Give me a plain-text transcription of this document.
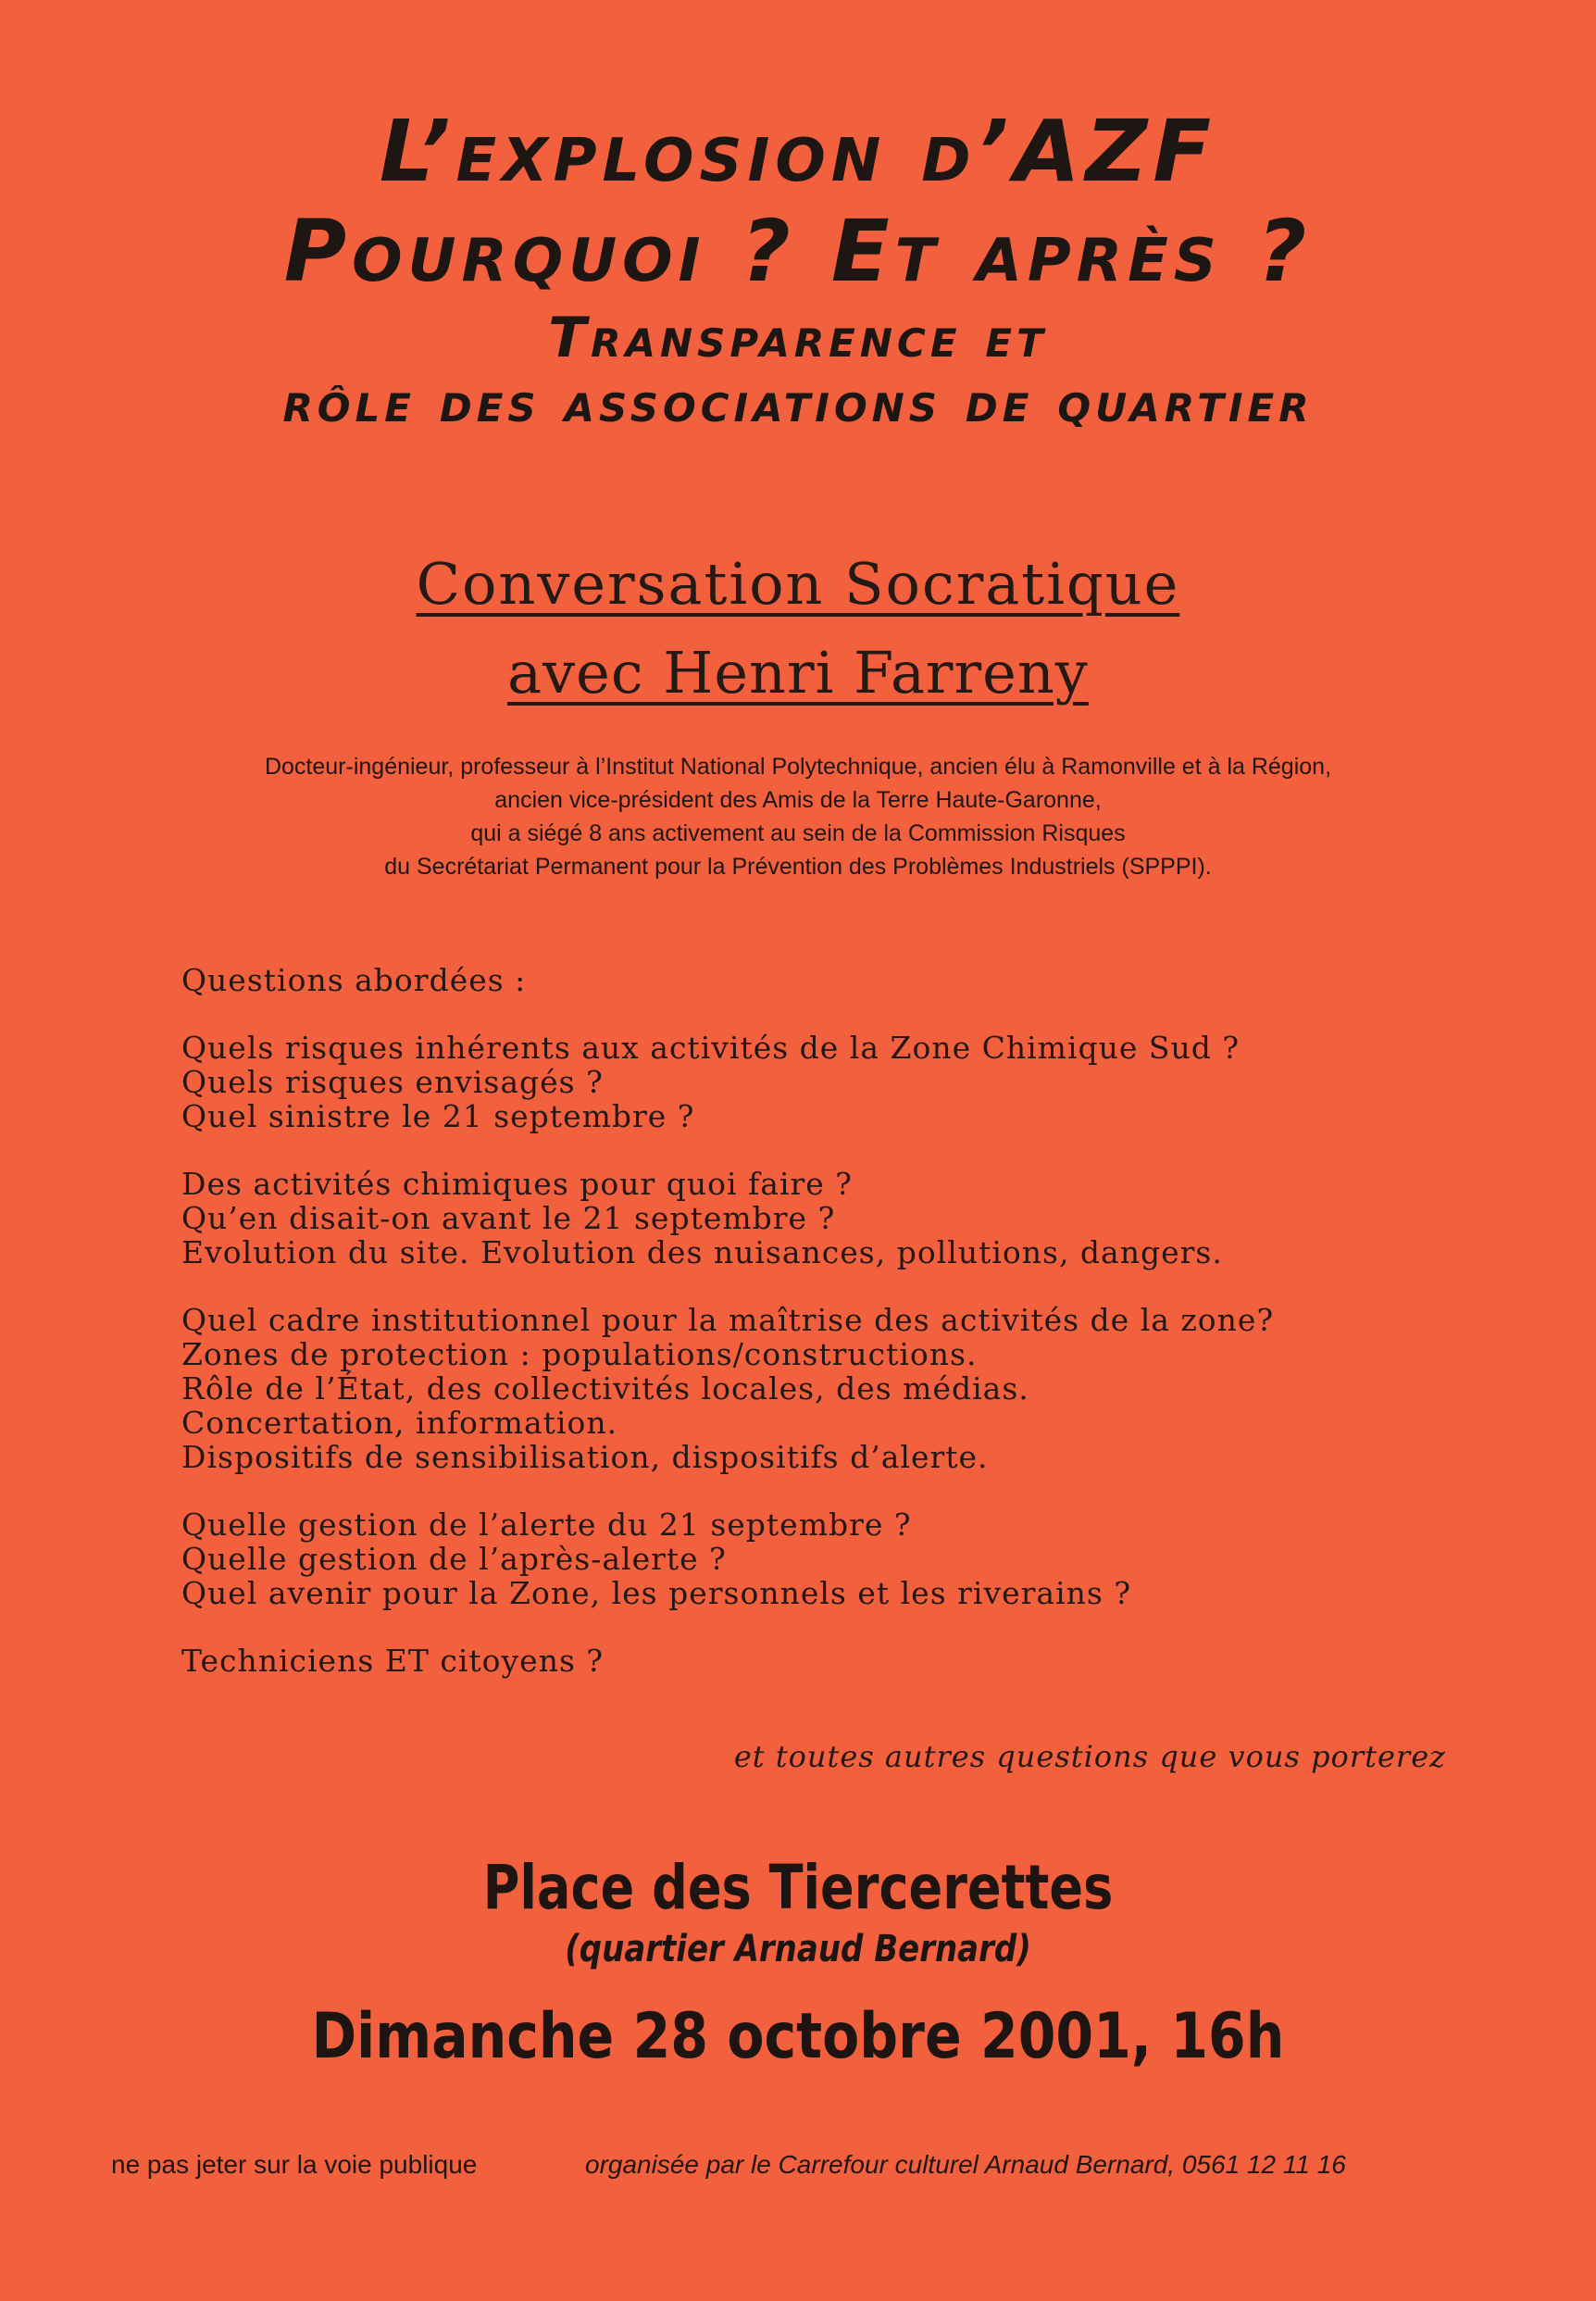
L’explosion d’AZF
Pourquoi ? Et après ?
Transparence et
rôle des associations de quartier
Conversation Socratique
avec Henri Farreny
Docteur-ingénieur, professeur à l’Institut National Polytechnique, ancien élu à Ramonville et à la Région,
ancien vice-président des Amis de la Terre Haute-Garonne,
qui a siégé 8 ans activement au sein de la Commission Risques
du Secrétariat Permanent pour la Prévention des Problèmes Industriels (SPPPI).
Questions abordées :
Quels risques inhérents aux activités de la Zone Chimique Sud ?
Quels risques envisagés ?
Quel sinistre le 21 septembre ?
Des activités chimiques pour quoi faire ?
Qu’en disait-on avant le 21 septembre ?
Evolution du site. Evolution des nuisances, pollutions, dangers.
Quel cadre institutionnel pour la maîtrise des activités de la zone?
Zones de protection : populations/constructions.
Rôle de l’État, des collectivités locales, des médias.
Concertation, information.
Dispositifs de sensibilisation, dispositifs d’alerte.
Quelle gestion de l’alerte du 21 septembre ?
Quelle gestion de l’après-alerte ?
Quel avenir pour la Zone, les personnels et les riverains ?
Techniciens ET citoyens ?
et toutes autres questions que vous porterez
Place des Tiercerettes
(quartier Arnaud Bernard)
Dimanche 28 octobre 2001, 16h
ne pas jeter sur la voie publique	organisée par le Carrefour culturel Arnaud Bernard, 0561 12 11 16
